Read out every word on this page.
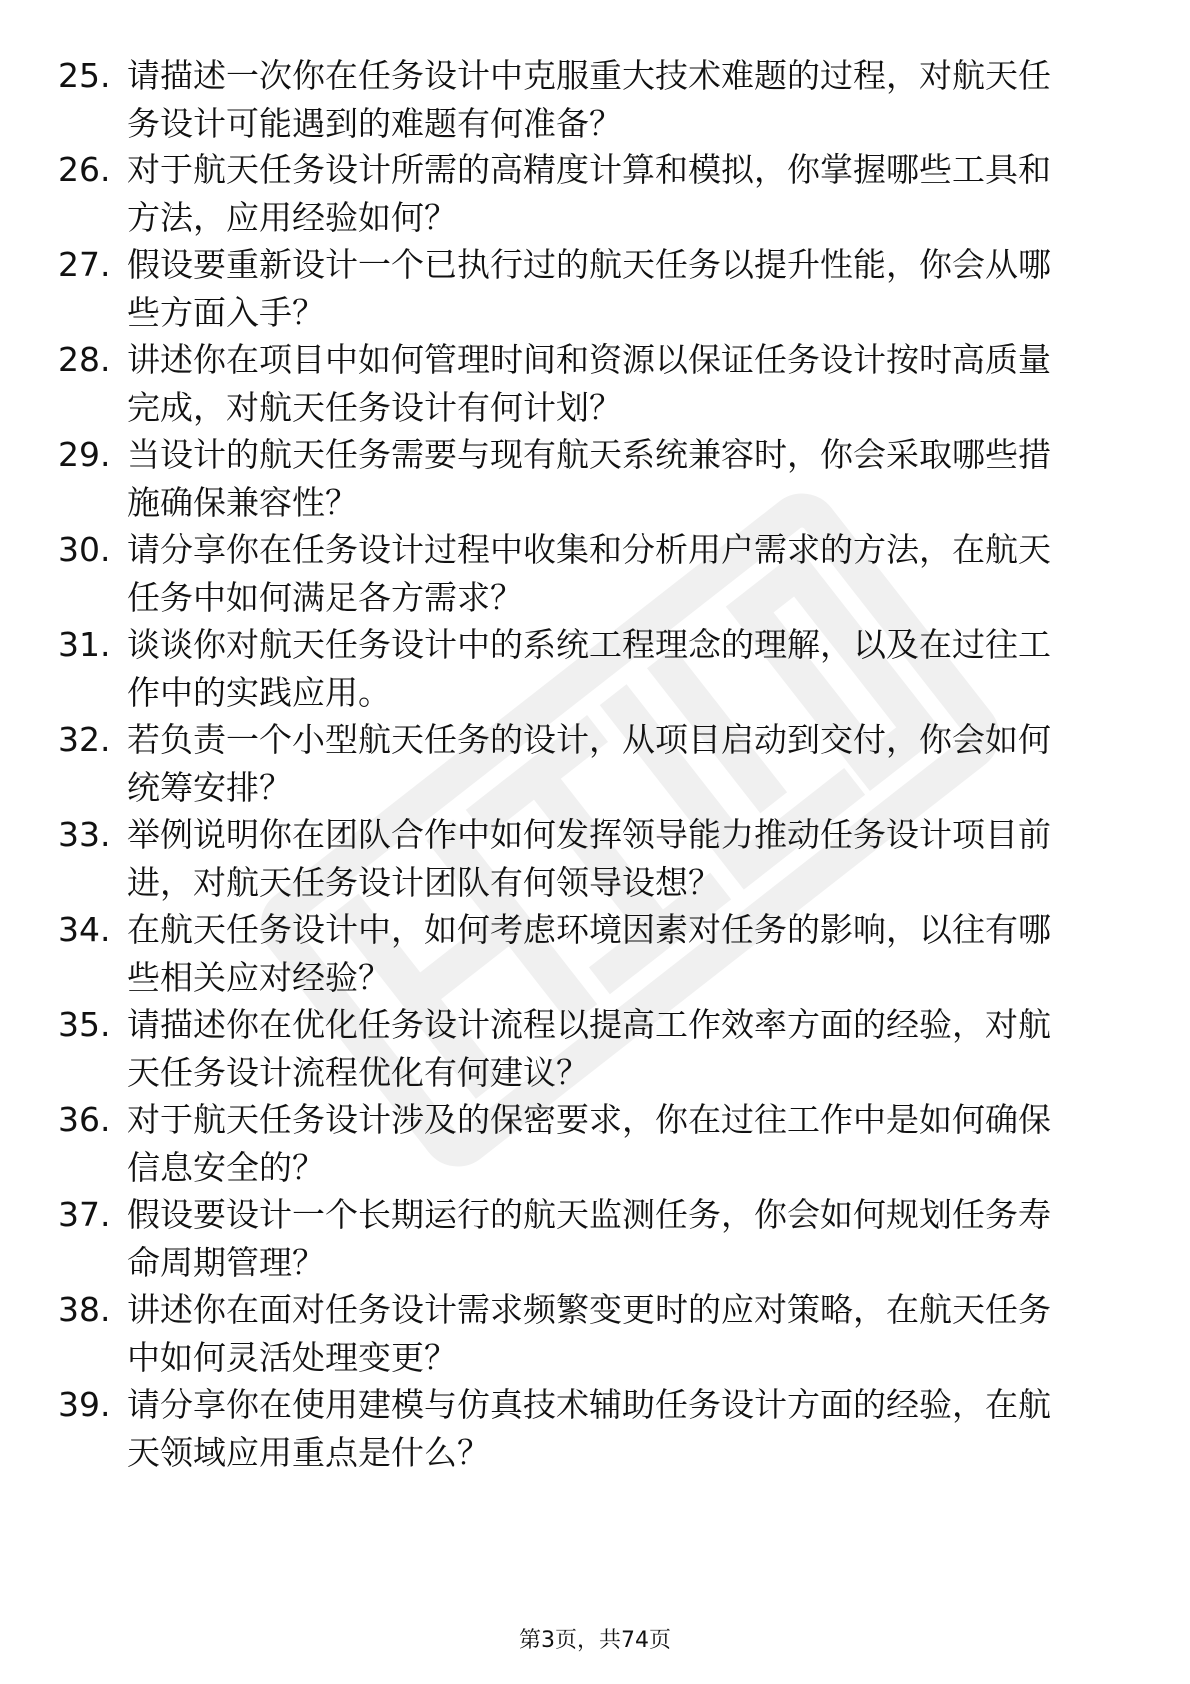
25. 请描述一次你在任务设计中克服重大技术难题的过程，对航天任
务设计可能遇到的难题有何准备？
26. 对于航天任务设计所需的高精度计算和模拟，你掌握哪些工具和
方法，应用经验如何？
27. 假设要重新设计一个已执行过的航天任务以提升性能，你会从哪
些方面入手？
28. 讲述你在项目中如何管理时间和资源以保证任务设计按时高质量
完成，对航天任务设计有何计划？
29. 当设计的航天任务需要与现有航天系统兼容时，你会采取哪些措
施确保兼容性？
30. 请分享你在任务设计过程中收集和分析用户需求的方法，在航天
任务中如何满足各方需求？
31. 谈谈你对航天任务设计中的系统工程理念的理解，以及在过往工
作中的实践应用。
32. 若负责一个小型航天任务的设计，从项目启动到交付，你会如何
统筹安排？
33. 举例说明你在团队合作中如何发挥领导能力推动任务设计项目前
进，对航天任务设计团队有何领导设想？
34. 在航天任务设计中，如何考虑环境因素对任务的影响，以往有哪
些相关应对经验？
35. 请描述你在优化任务设计流程以提高工作效率方面的经验，对航
天任务设计流程优化有何建议？
36. 对于航天任务设计涉及的保密要求，你在过往工作中是如何确保
信息安全的？
37. 假设要设计一个长期运行的航天监测任务，你会如何规划任务寿
命周期管理？
38. 讲述你在面对任务设计需求频繁变更时的应对策略，在航天任务
中如何灵活处理变更？
39. 请分享你在使用建模与仿真技术辅助任务设计方面的经验，在航
天领域应用重点是什么？
第3页，共74页
